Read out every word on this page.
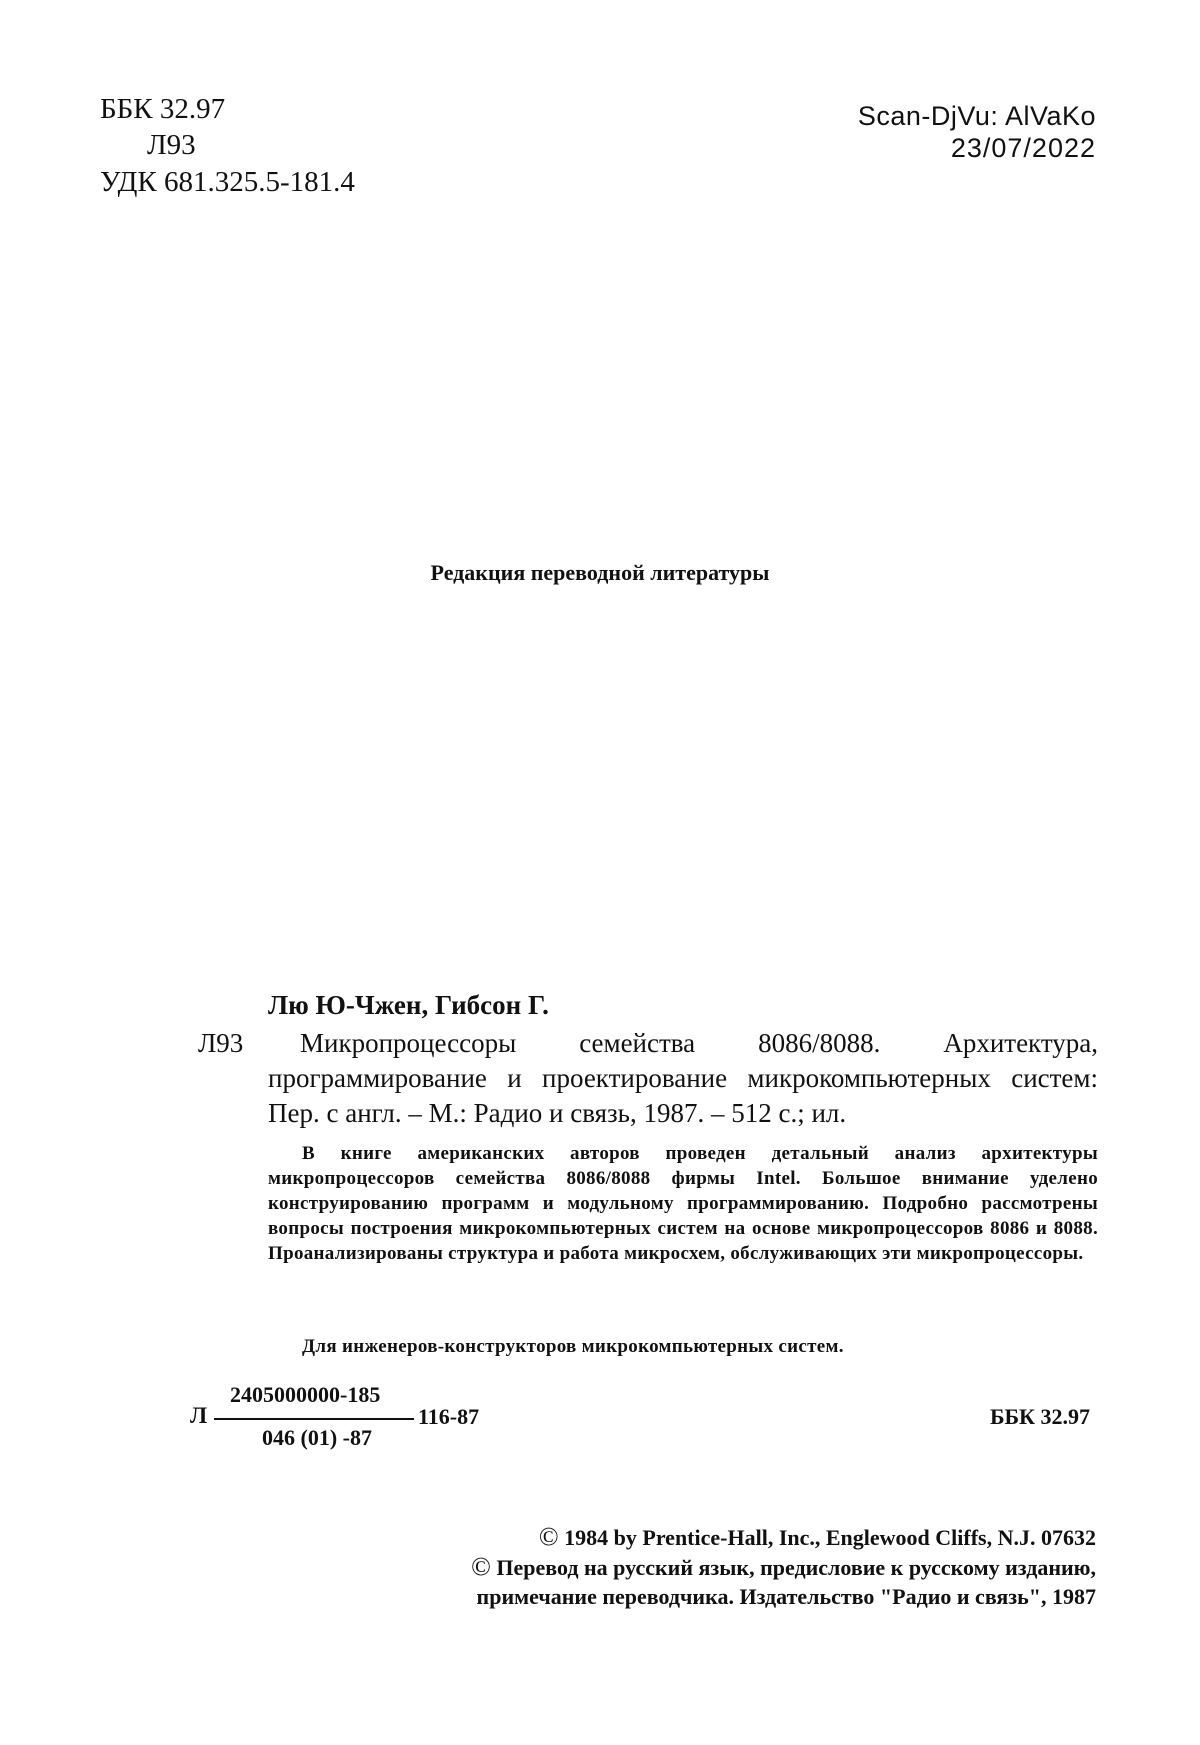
ББК 32.97
Л93
УДК 681.325.5-181.4
Scan-DjVu: AlVaKo
23/07/2022
Редакция переводной литературы
Лю Ю-Чжен, Гибсон Г.
Л93	Микропроцессоры семейства 8086/8088. Архитектура, программирование и проектирование микрокомпьютерных систем: Пер. с англ. – М.: Радио и связь, 1987. – 512 с.; ил.

В книге американских авторов проведен детальный анализ архитектуры микропроцессоров семейства 8086/8088 фирмы Intel. Большое внимание уделено конструированию программ и модульному программированию. Подробно рассмотрены вопросы построения микрокомпьютерных систем на основе микропроцессоров 8086 и 8088. Проанализированы структура и работа микросхем, обслуживающих эти микропроцессоры.

Для инженеров-конструкторов микрокомпьютерных систем.
Л
2405000000-185
046 (01) -87
116-87	ББК 32.97
© 1984 by Prentice-Hall, Inc., Englewood Cliffs, N.J. 07632
© Перевод на русский язык, предисловие к русскому изданию,
примечание переводчика. Издательство "Радио и связь", 1987
